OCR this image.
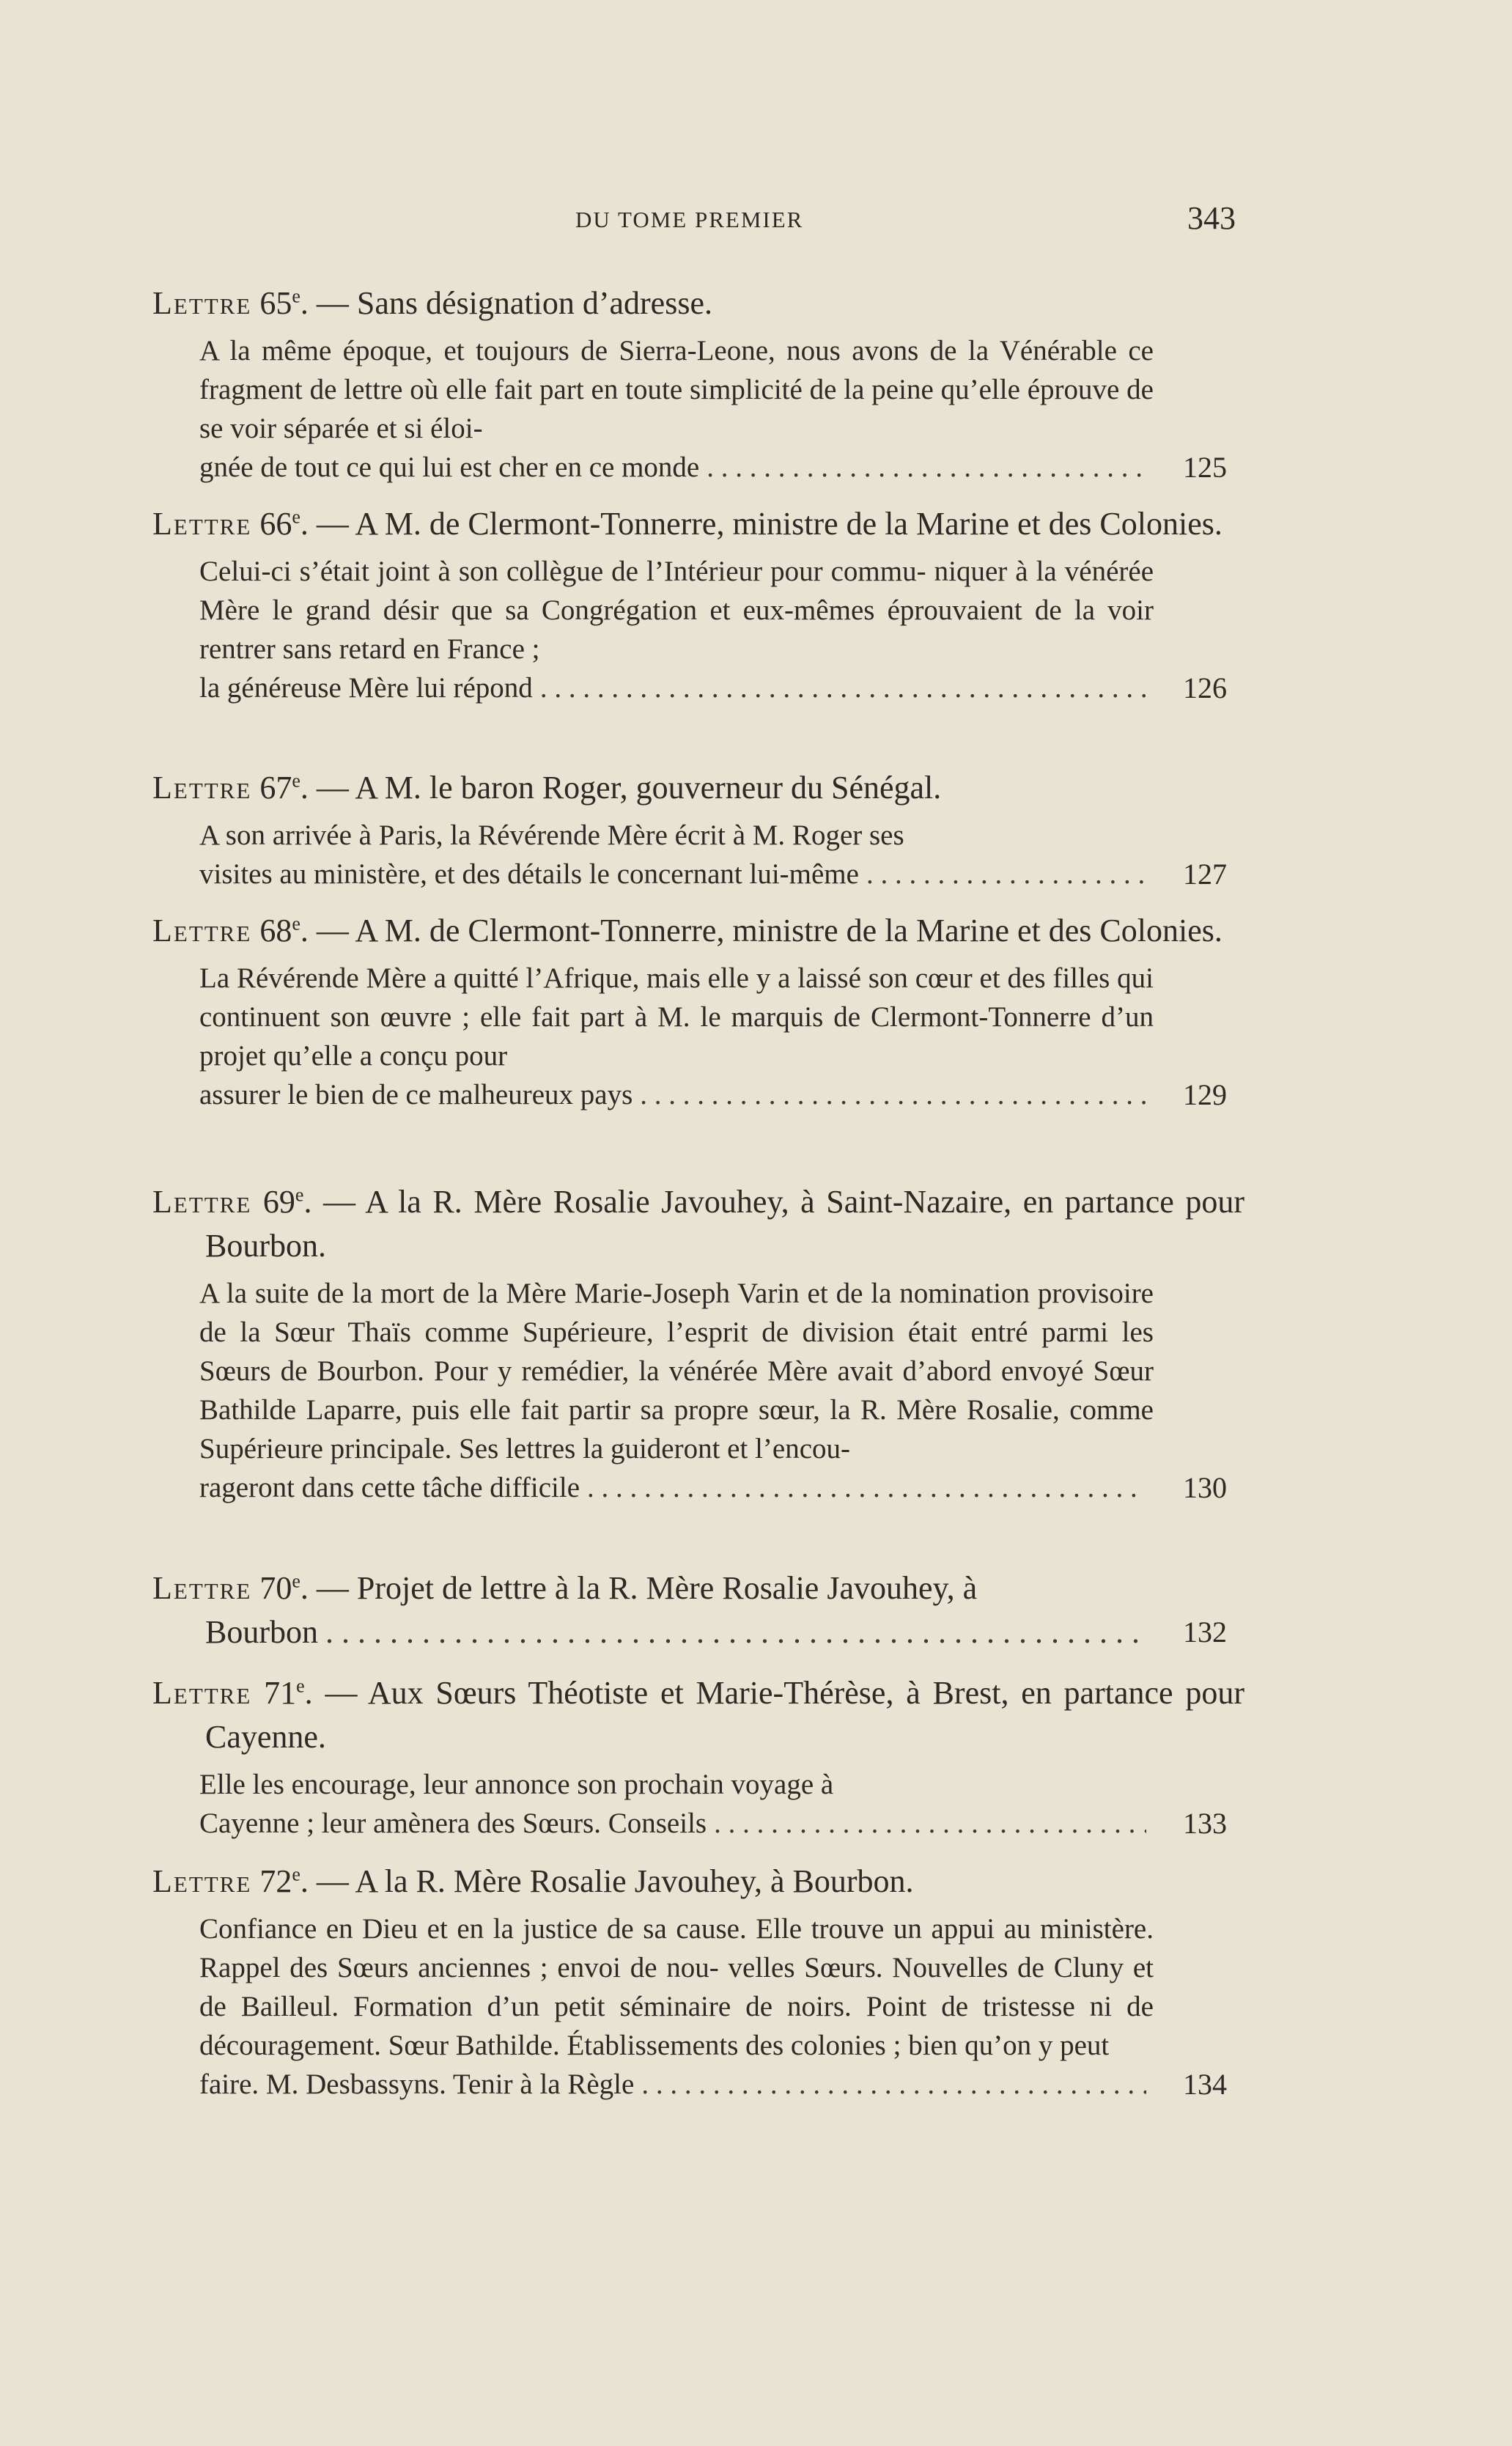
DU TOME PREMIER	343
Lettre 65e. — Sans désignation d’adresse.
A la même époque, et toujours de Sierra-Leone, nous avons de la Vénérable ce fragment de lettre où elle fait part en toute simplicité de la peine qu’elle éprouve de se voir séparée et si éloi-
gnée de tout ce qui lui est cher en ce monde . . .	125
Lettre 66e. — A M. de Clermont-Tonnerre, ministre de la Marine et des Colonies.
Celui-ci s’était joint à son collègue de l’Intérieur pour commu- niquer à la vénérée Mère le grand désir que sa Congrégation et eux-mêmes éprouvaient de la voir rentrer sans retard en France ;
la généreuse Mère lui répond . . .	126
Lettre 67e. — A M. le baron Roger, gouverneur du Sénégal.
A son arrivée à Paris, la Révérende Mère écrit à M. Roger ses
visites au ministère, et des détails le concernant lui-même . . .	127
Lettre 68e. — A M. de Clermont-Tonnerre, ministre de la Marine et des Colonies.
La Révérende Mère a quitté l’Afrique, mais elle y a laissé son cœur et des filles qui continuent son œuvre ; elle fait part à M. le marquis de Clermont-Tonnerre d’un projet qu’elle a conçu pour
assurer le bien de ce malheureux pays . . .	129
Lettre 69e. — A la R. Mère Rosalie Javouhey, à Saint-Nazaire, en partance pour Bourbon.
A la suite de la mort de la Mère Marie-Joseph Varin et de la nomination provisoire de la Sœur Thaïs comme Supérieure, l’esprit de division était entré parmi les Sœurs de Bourbon. Pour y remédier, la vénérée Mère avait d’abord envoyé Sœur Bathilde Laparre, puis elle fait partir sa propre sœur, la R. Mère Rosalie, comme Supérieure principale. Ses lettres la guideront et l’encou-
rageront dans cette tâche difficile . . .	130
Lettre 70e. — Projet de lettre à la R. Mère Rosalie Javouhey, à
Bourbon . . .	132
Lettre 71e. — Aux Sœurs Théotiste et Marie-Thérèse, à Brest, en partance pour Cayenne.
Elle les encourage, leur annonce son prochain voyage à
Cayenne ; leur amènera des Sœurs. Conseils . . .	133
Lettre 72e. — A la R. Mère Rosalie Javouhey, à Bourbon.
Confiance en Dieu et en la justice de sa cause. Elle trouve un appui au ministère. Rappel des Sœurs anciennes ; envoi de nou- velles Sœurs. Nouvelles de Cluny et de Bailleul. Formation d’un petit séminaire de noirs. Point de tristesse ni de découragement. Sœur Bathilde. Établissements des colonies ; bien qu’on y peut
faire. M. Desbassyns. Tenir à la Règle . . .	134
